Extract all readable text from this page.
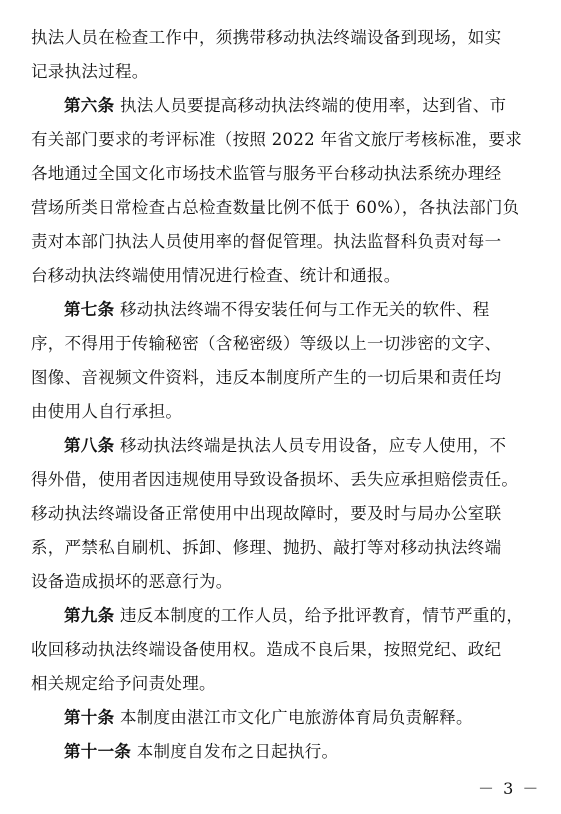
执法人员在检查工作中，须携带移动执法终端设备到现场，如实
记录执法过程。
第六条 执法人员要提高移动执法终端的使用率，达到省、市
有关部门要求的考评标准（按照 2022 年省文旅厅考核标准，要求
各地通过全国文化市场技术监管与服务平台移动执法系统办理经
营场所类日常检查占总检查数量比例不低于 60%），各执法部门负
责对本部门执法人员使用率的督促管理。执法监督科负责对每一
台移动执法终端使用情况进行检查、统计和通报。
第七条 移动执法终端不得安装任何与工作无关的软件、程
序，不得用于传输秘密（含秘密级）等级以上一切涉密的文字、
图像、音视频文件资料，违反本制度所产生的一切后果和责任均
由使用人自行承担。
第八条 移动执法终端是执法人员专用设备，应专人使用，不
得外借，使用者因违规使用导致设备损坏、丢失应承担赔偿责任。
移动执法终端设备正常使用中出现故障时，要及时与局办公室联
系，严禁私自刷机、拆卸、修理、抛扔、敲打等对移动执法终端
设备造成损坏的恶意行为。
第九条 违反本制度的工作人员，给予批评教育，情节严重的，
收回移动执法终端设备使用权。造成不良后果，按照党纪、政纪
相关规定给予问责处理。
第十条 本制度由湛江市文化广电旅游体育局负责解释。
第十一条 本制度自发布之日起执行。
－ 3 －
